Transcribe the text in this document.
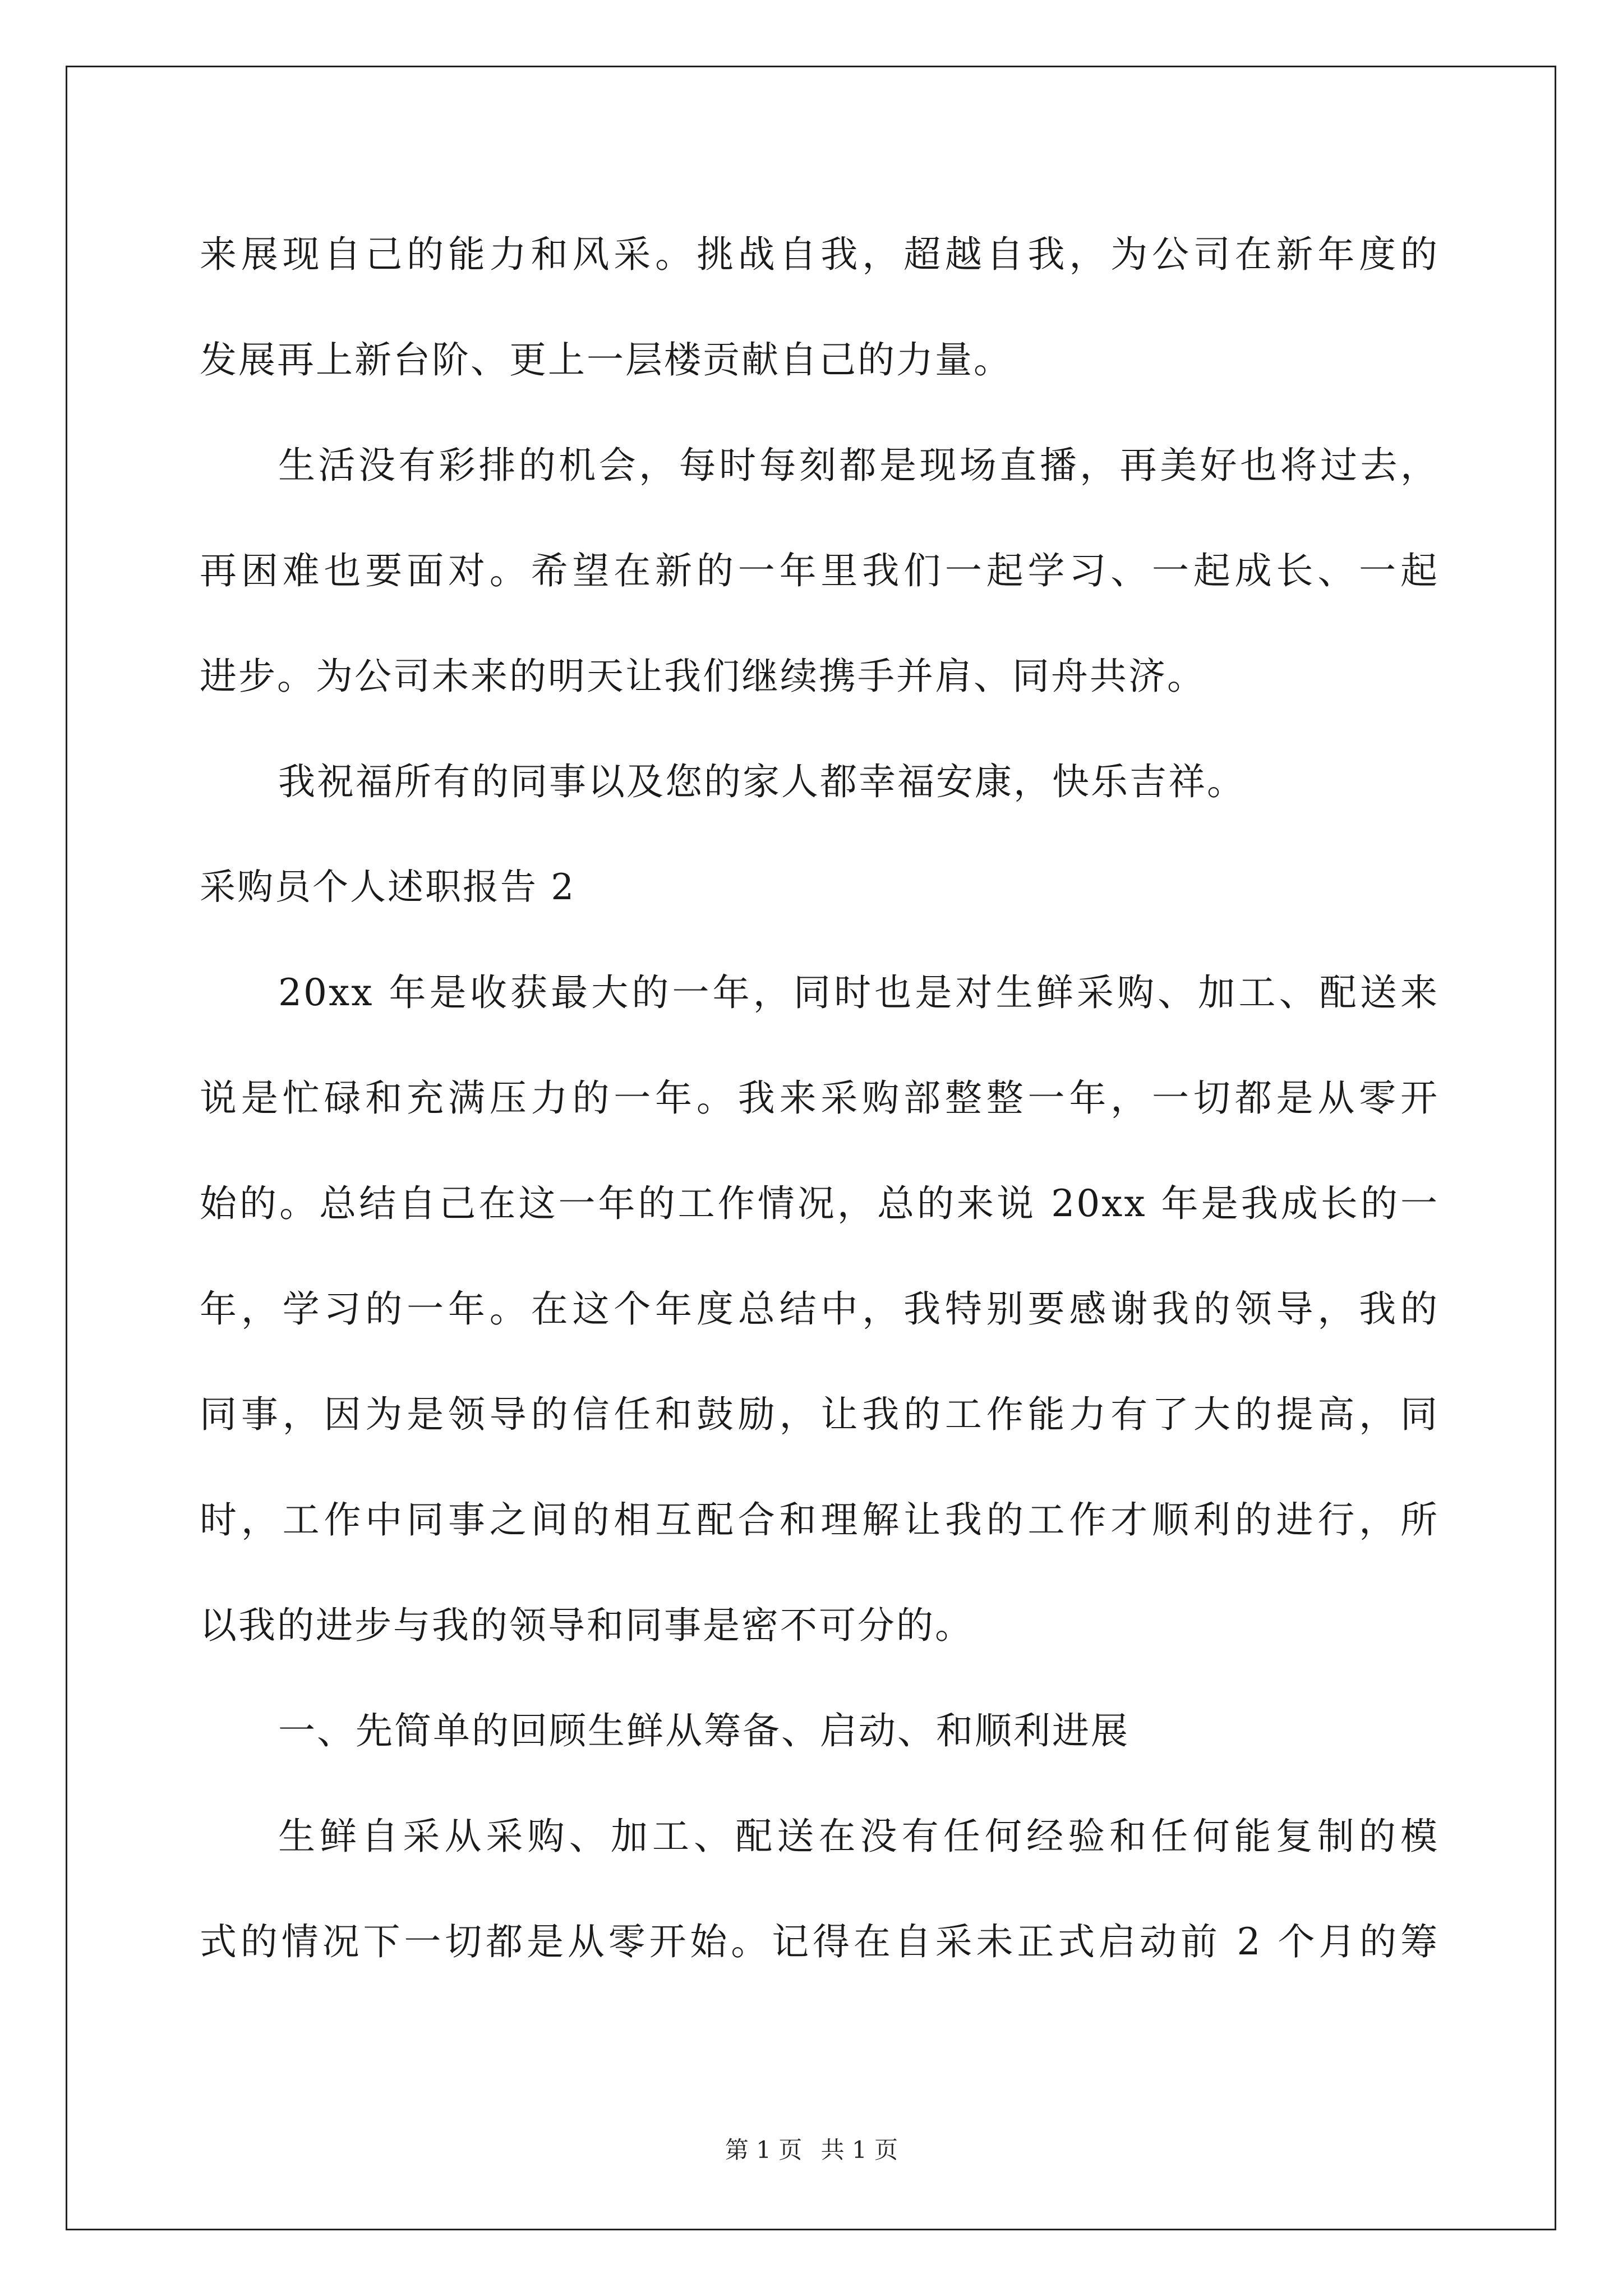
来展现自己的能力和风采。挑战自我，超越自我，为公司在新年度的
发展再上新台阶、更上一层楼贡献自己的力量。
生活没有彩排的机会，每时每刻都是现场直播，再美好也将过去，
再困难也要面对。希望在新的一年里我们一起学习、一起成长、一起
进步。为公司未来的明天让我们继续携手并肩、同舟共济。
我祝福所有的同事以及您的家人都幸福安康，快乐吉祥。
采购员个人述职报告 2
20xx 年是收获最大的一年，同时也是对生鲜采购、加工、配送来
说是忙碌和充满压力的一年。我来采购部整整一年，一切都是从零开
始的。总结自己在这一年的工作情况，总的来说 20xx 年是我成长的一
年，学习的一年。在这个年度总结中，我特别要感谢我的领导，我的
同事，因为是领导的信任和鼓励，让我的工作能力有了大的提高，同
时，工作中同事之间的相互配合和理解让我的工作才顺利的进行，所
以我的进步与我的领导和同事是密不可分的。
一、先简单的回顾生鲜从筹备、启动、和顺利进展
生鲜自采从采购、加工、配送在没有任何经验和任何能复制的模
式的情况下一切都是从零开始。记得在自采未正式启动前 2 个月的筹
第 1 页 共 1 页
